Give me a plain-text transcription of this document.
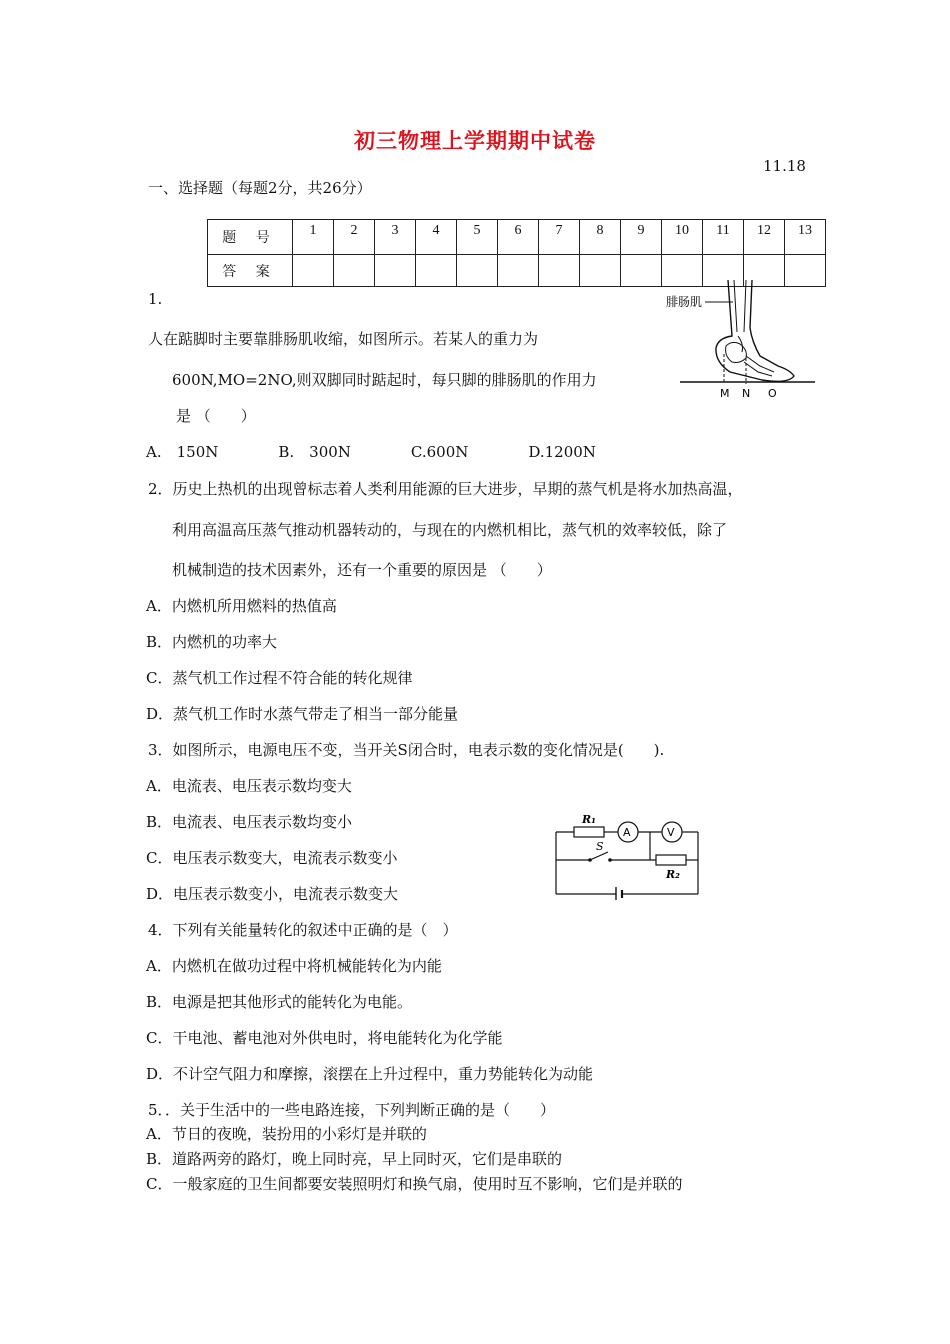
初三物理上学期期中试卷
11.18
一、选择题（每题2分，共26分）
题 号	1	2	3	4	5	6	7	8	9	10	11	12	13
答 案													
1.
人在踮脚时主要靠腓肠肌收缩，如图所示。若某人的重力为
600N,MO=2NO,则双脚同时踮起时，每只脚的腓肠肌的作用力
是 （　　）
A.　150N　　　　B.　300N　　　　C.600N　　　　D.1200N
腓肠肌
M N O
2．历史上热机的出现曾标志着人类利用能源的巨大进步，早期的蒸气机是将水加热高温，
利用高温高压蒸气推动机器转动的，与现在的内燃机相比，蒸气机的效率较低，除了
机械制造的技术因素外，还有一个重要的原因是 （　　）
A．内燃机所用燃料的热值高
B．内燃机的功率大
C．蒸气机工作过程不符合能的转化规律
D．蒸气机工作时水蒸气带走了相当一部分能量
3．如图所示，电源电压不变，当开关S闭合时，电表示数的变化情况是(　　).
A．电流表、电压表示数均变大
B．电流表、电压表示数均变小
C．电压表示数变大，电流表示数变小
D．电压表示数变小，电流表示数变大
R₁
A	V
S
R₂
4．下列有关能量转化的叙述中正确的是（　）
A．内燃机在做功过程中将机械能转化为内能
B．电源是把其他形式的能转化为电能。
C．干电池、蓄电池对外供电时，将电能转化为化学能
D．不计空气阻力和摩擦，滚摆在上升过程中，重力势能转化为动能
5．．关于生活中的一些电路连接，下列判断正确的是（　　）
A．节日的夜晚，装扮用的小彩灯是并联的
B．道路两旁的路灯，晚上同时亮，早上同时灭，它们是串联的
C．一般家庭的卫生间都要安装照明灯和换气扇，使用时互不影响，它们是并联的
